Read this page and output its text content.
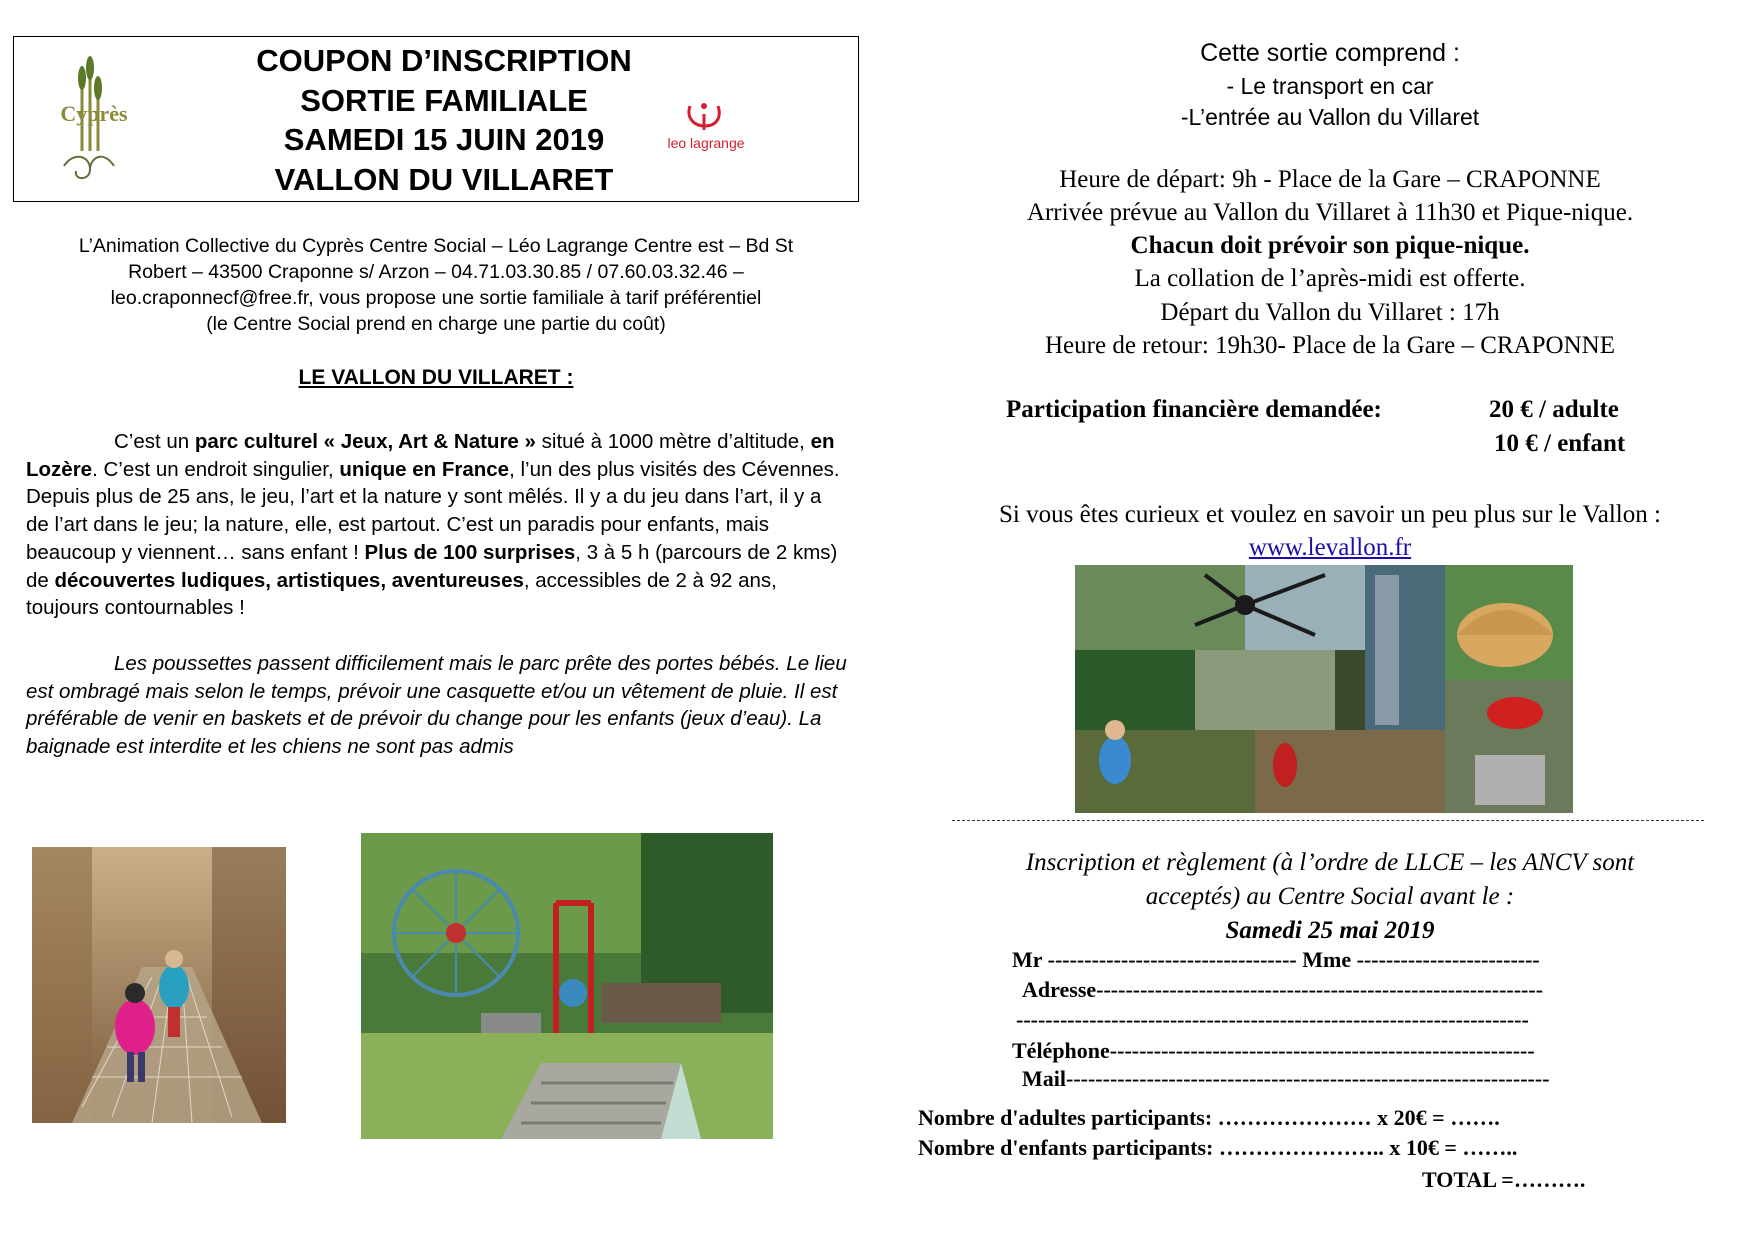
COUPON D’INSCRIPTION
SORTIE FAMILIALE
SAMEDI 15 JUIN 2019
VALLON DU VILLARET
Cyprès
leo lagrange
L’Animation Collective du Cyprès Centre Social – Léo Lagrange Centre est – Bd St
Robert – 43500 Craponne s/ Arzon – 04.71.03.30.85 / 07.60.03.32.46 –
leo.craponnecf@free.fr, vous propose une sortie familiale à tarif préférentiel
(le Centre Social prend en charge une partie du coût)
LE VALLON DU VILLARET :
C’est un parc culturel « Jeux, Art & Nature » situé à 1000 mètre d’altitude, en Lozère. C’est un endroit singulier, unique en France, l’un des plus visités des Cévennes. Depuis plus de 25 ans, le jeu, l’art et la nature y sont mêlés. Il y a du jeu dans l’art, il y a de l’art dans le jeu; la nature, elle, est partout. C’est un paradis pour enfants, mais beaucoup y viennent… sans enfant ! Plus de 100 surprises, 3 à 5 h (parcours de 2 kms) de découvertes ludiques, artistiques, aventureuses, accessibles de 2 à 92 ans, toujours contournables !
Les poussettes passent difficilement mais le parc prête des portes bébés. Le lieu est ombragé mais selon le temps, prévoir une casquette et/ou un vêtement de pluie. Il est préférable de venir en baskets et de prévoir du change pour les enfants (jeux d’eau). La baignade est interdite et les chiens ne sont pas admis
Cette sortie comprend :
- Le transport en car
-L’entrée au Vallon du Villaret
Heure de départ: 9h - Place de la Gare – CRAPONNE
Arrivée prévue au Vallon du Villaret à 11h30 et Pique-nique.
Chacun doit prévoir son pique-nique.
La collation de l’après-midi est offerte.
Départ du Vallon du Villaret : 17h
Heure de retour: 19h30- Place de la Gare – CRAPONNE
Participation financière demandée:	20 € / adulte
10 € / enfant
Si vous êtes curieux et voulez en savoir un peu plus sur le Vallon :
www.levallon.fr
Inscription et règlement (à l’ordre de LLCE – les ANCV sont
acceptés) au Centre Social avant le :
Samedi 25 mai 2019
Mr ---------------------------------- Mme -------------------------
Adresse-------------------------------------------------------------
----------------------------------------------------------------------
Téléphone----------------------------------------------------------
Mail------------------------------------------------------------------
Nombre d'adultes participants: ………………… x 20€ = …….
Nombre d'enfants participants: ………………….. x 10€ = ……..
TOTAL =……….
